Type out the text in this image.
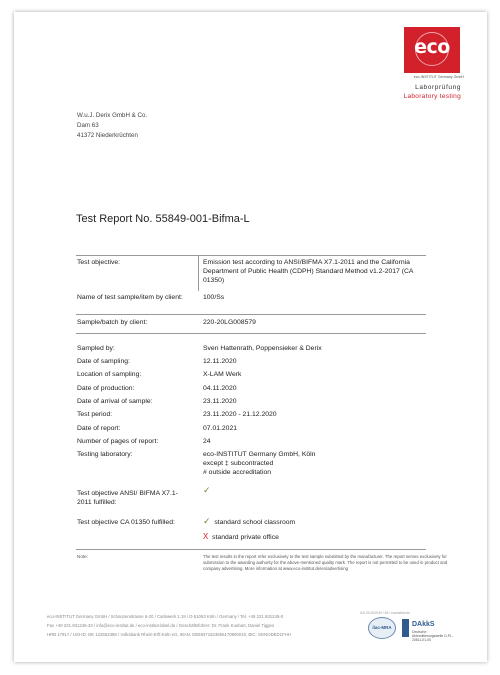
eco
eco-INSTITUT Germany GmbH
Laborprüfung
Laboratory testing
W.u.J. Derix GmbH & Co.
Dam 63
41372 Niederkrüchten
Test Report No. 55849-001-Bifma-L
Test objective:	Emission test according to ANSI/BIFMA X7.1-2011 and the California Department of Public Health (CDPH) Standard Method v1.2-2017 (CA 01350)
Name of test sample/item by client:	100/Ss
Sample/batch by client:	220-20LG008579
Sampled by:	Sven Hattenrath, Poppensieker & Derix
Date of sampling:	12.11.2020
Location of sampling:	X-LAM Werk
Date of production:	04.11.2020
Date of arrival of sample:	23.11.2020
Test period:	23.11.2020 - 21.12.2020
Date of report:	07.01.2021
Number of pages of report:	24
Testing laboratory:	eco-INSTITUT Germany GmbH, Köln
except ‡ subcontracted
# outside accreditation
Test objective ANSI/ BIFMA X7.1-2011 fulfilled:
✓
Test objective CA 01350 fulfilled:	✓ standard school classroom
X standard private office
Note:	The test results in the report refer exclusively to the test sample submitted by the manufacturer. The report serves exclusively for submission to the awarding authority for the above-mentioned quality mark. The report is not permitted to be used in product and company advertising. More information at www.eco-institut.de/en/advertising
eco-INSTITUT Germany GmbH / Schanzenstrasse 6-20 / Carlswerk 1.19 / D-51063 Köln / Germany / Tel. +49 221.931245-0
Fax +49 221.931245-33 / info@eco-institut.de / eco-institut-label.de / Geschäftsführer: Dr. Frank Kuebart, Daniel Tigges
HRB 17917 / USt-ID: DE 122553388 / Volksbank Rhein-Erft-Köln eG, IBAN: DE68371623655170900010, BIC: GENODED1FHH
ILN 03-06/2019 / B4 / ecoinstitut.de
ilac-MRA	DAkkS
Deutsche Akkreditierungsstelle D-PL-20811-01-00
